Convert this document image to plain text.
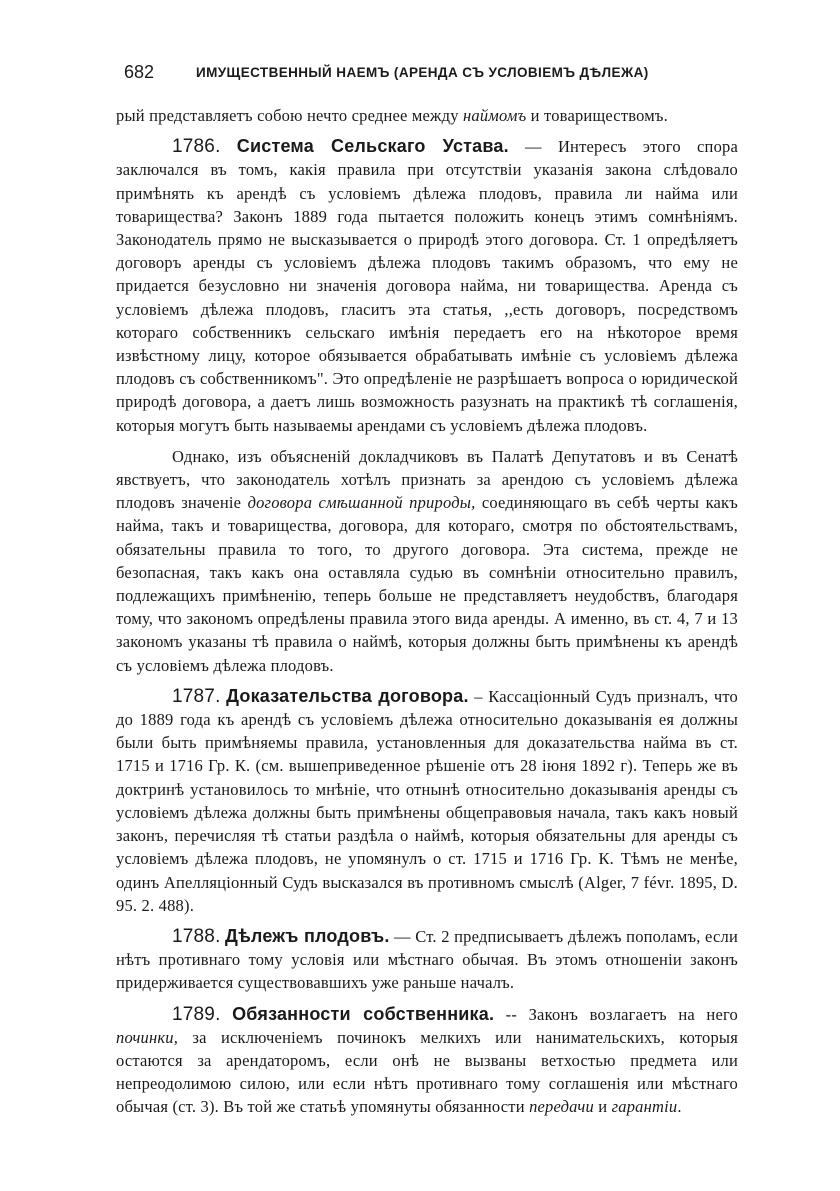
682	ИМУЩЕСТВЕННЫЙ НАЕМЪ (АРЕНДА СЪ УСЛОВІЕМЪ ДѢЛЕЖА)

рый представляетъ собою нечто среднее между наймомъ и товариществомъ.

1786. Система Сельскаго Устава. — Интересъ этого спора заключался въ томъ, какія правила при отсутствіи указанія закона слѣдовало примѣнять къ арендѣ съ условіемъ дѣлежа плодовъ, правила ли найма или товарищества? Законъ 1889 года пытается положить конецъ этимъ сомнѣніямъ. Законодатель прямо не высказывается о природѣ этого договора. Ст. 1 опредѣляетъ договоръ аренды съ условіемъ дѣлежа плодовъ такимъ образомъ, что ему не придается безусловно ни значенія договора найма, ни товарищества. Аренда съ условіемъ дѣлежа плодовъ, гласитъ эта статья, ,,есть договоръ, посредствомъ котораго собственникъ сельскаго имѣнія передаетъ его на нѣкоторое время извѣстному лицу, которое обязывается обрабатывать имѣніе съ условіемъ дѣлежа плодовъ съ собственникомъ". Это опредѣленіе не разрѣшаетъ вопроса о юридической природѣ договора, а даетъ лишь возможность разузнать на практикѣ тѣ соглашенія, которыя могутъ быть называемы арендами съ условіемъ дѣлежа плодовъ.

Однако, изъ объясненій докладчиковъ въ Палатѣ Депутатовъ и въ Сенатѣ явствуетъ, что законодатель хотѣлъ признать за арендою съ условіемъ дѣлежа плодовъ значеніе договора смѣшанной природы, соединяющаго въ себѣ черты какъ найма, такъ и товарищества, договора, для котораго, смотря по обстоятельствамъ, обязательны правила то того, то другого договора. Эта система, прежде не безопасная, такъ какъ она оставляла судью въ сомнѣніи относительно правилъ, подлежащихъ примѣненію, теперь больше не представляетъ неудобствъ, благодаря тому, что закономъ опредѣлены правила этого вида аренды. А именно, въ ст. 4, 7 и 13 закономъ указаны тѣ правила о наймѣ, которыя должны быть примѣнены къ арендѣ съ условіемъ дѣлежа плодовъ.

1787. Доказательства договора. – Кассаціонный Судъ призналъ, что до 1889 года къ арендѣ съ условіемъ дѣлежа относительно доказыванія ея должны были быть примѣняемы правила, установленныя для доказательства найма въ ст. 1715 и 1716 Гр. К. (см. вышеприведенное рѣшеніе отъ 28 іюня 1892 г). Теперь же въ доктринѣ установилось то мнѣніе, что отнынѣ относительно доказыванія аренды съ условіемъ дѣлежа должны быть примѣнены общеправовыя начала, такъ какъ новый законъ, перечисляя тѣ статьи раздѣла о наймѣ, которыя обязательны для аренды съ условіемъ дѣлежа плодовъ, не упомянулъ о ст. 1715 и 1716 Гр. К. Тѣмъ не менѣе, одинъ Апелляціонный Судъ высказался въ противномъ смыслѣ (Alger, 7 févr. 1895, D. 95. 2. 488).

1788. Дѣлежъ плодовъ. — Ст. 2 предписываетъ дѣлежъ пополамъ, если нѣтъ противнаго тому условія или мѣстнаго обычая. Въ этомъ отношеніи законъ придерживается существовавшихъ уже раньше началъ.

1789. Обязанности собственника. -- Законъ возлагаетъ на него починки, за исключеніемъ починокъ мелкихъ или нанимательскихъ, которыя остаются за арендаторомъ, если онѣ не вызваны ветхостью предмета или непреодолимою силою, или если нѣтъ противнаго тому соглашенія или мѣстнаго обычая (ст. 3). Въ той же статьѣ упомянуты обязанности передачи и гарантіи.
